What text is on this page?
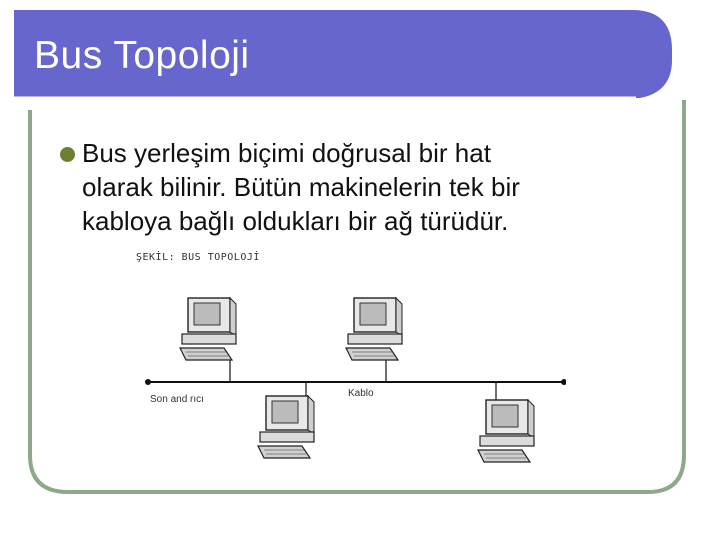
Bus Topoloji
Bus yerleşim biçimi doğrusal bir hat
olarak bilinir. Bütün makinelerin tek bir
kabloya bağlı oldukları bir ağ türüdür.
ŞEKİL: BUS TOPOLOJİ
Son and rıcı
Kablo
